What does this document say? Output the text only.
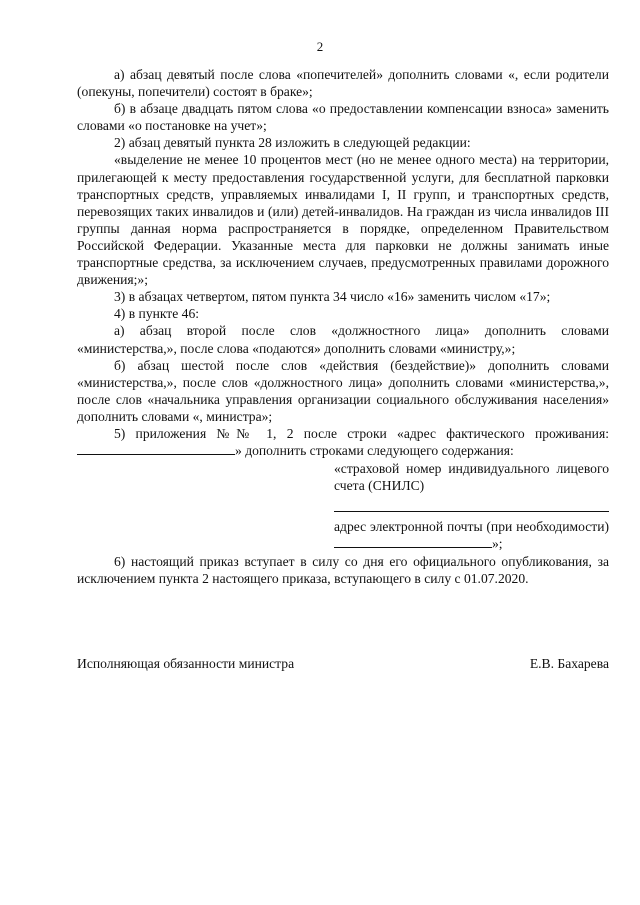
2

а) абзац девятый после слова «попечителей» дополнить словами «, если родители (опекуны, попечители) состоят в браке»;

б) в абзаце двадцать пятом слова «о предоставлении компенсации взноса» заменить словами «о постановке на учет»;

2) абзац девятый пункта 28 изложить в следующей редакции:

«выделение не менее 10 процентов мест (но не менее одного места) на территории, прилегающей к месту предоставления государственной услуги, для бесплатной парковки транспортных средств, управляемых инвалидами I, II групп, и транспортных средств, перевозящих таких инвалидов и (или) детей-инвалидов. На граждан из числа инвалидов III группы данная норма распространяется в порядке, определенном Правительством Российской Федерации. Указанные места для парковки не должны занимать иные транспортные средства, за исключением случаев, предусмотренных правилами дорожного движения;»;

3) в абзацах четвертом, пятом пункта 34 число «16» заменить числом «17»;

4) в пункте 46:

а) абзац второй после слов «должностного лица» дополнить словами «министерства,», после слова «подаются» дополнить словами «министру,»;

б) абзац шестой после слов «действия (бездействие)» дополнить словами «министерства,», после слов «должностного лица» дополнить словами «министерства,», после слов «начальника управления организации социального обслуживания населения» дополнить словами «, министра»;

5) приложения №№ 1, 2 после строки «адрес фактического проживания: » дополнить строками следующего содержания:

«страховой номер индивидуального лицевого счета (СНИЛС)

адрес электронной почты (при необходимости)»;

6) настоящий приказ вступает в силу со дня его официального опубликования, за исключением пункта 2 настоящего приказа, вступающего в силу с 01.07.2020.

Исполняющая обязанности министра	Е.В. Бахарева
